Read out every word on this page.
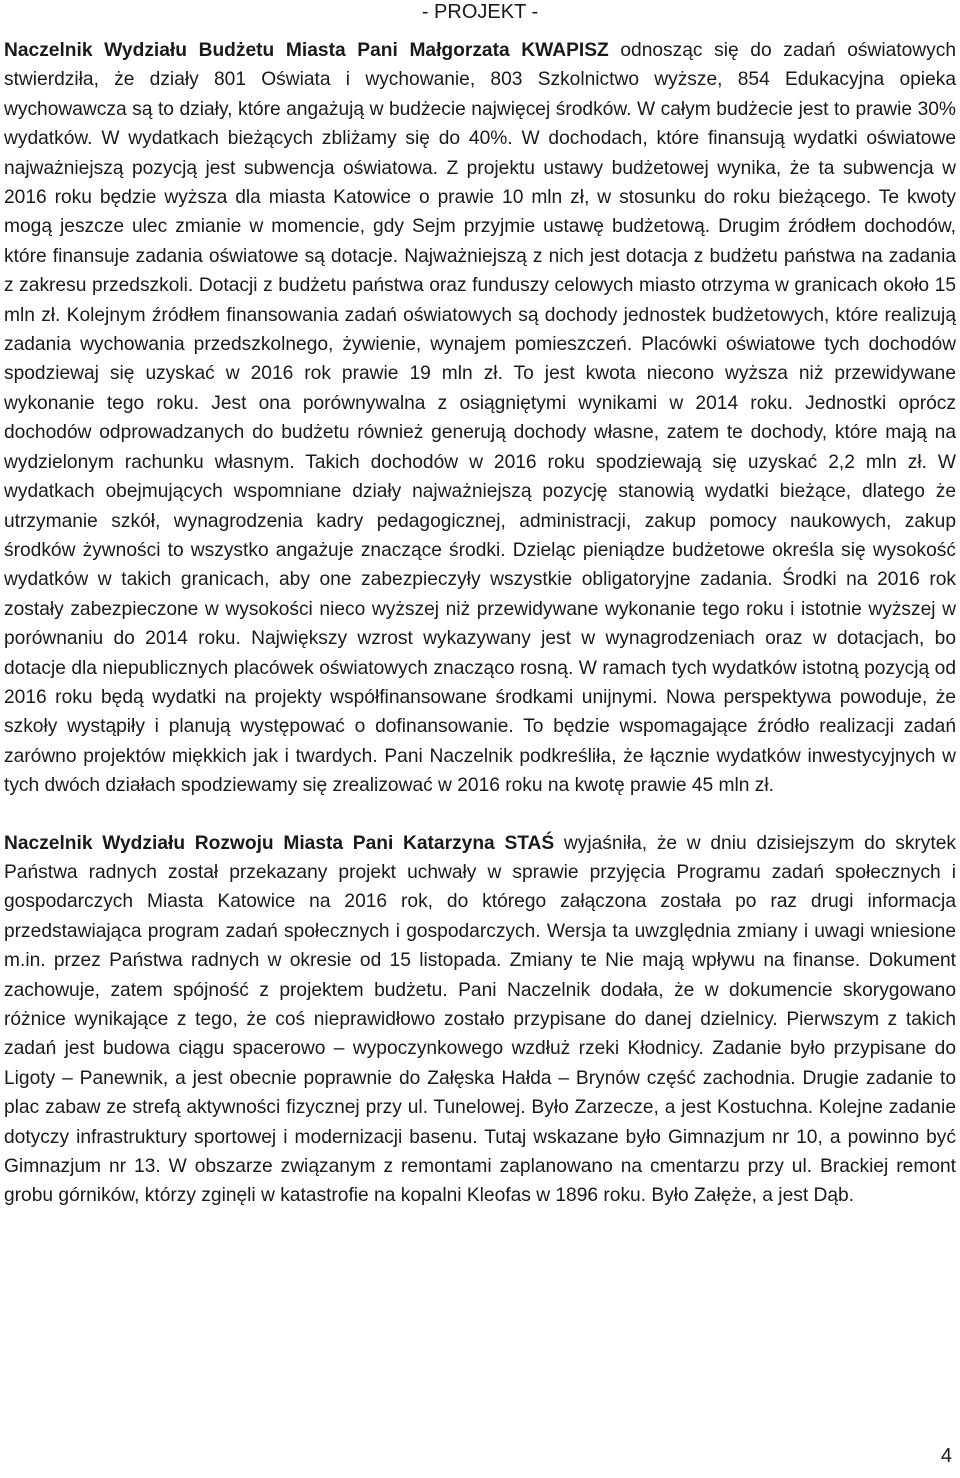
- PROJEKT -

Naczelnik Wydziału Budżetu Miasta Pani Małgorzata KWAPISZ odnosząc się do zadań oświatowych stwierdziła, że działy 801 Oświata i wychowanie, 803 Szkolnictwo wyższe, 854 Edukacyjna opieka wychowawcza są to działy, które angażują w budżecie najwięcej środków. W całym budżecie jest to prawie 30% wydatków. W wydatkach bieżących zbliżamy się do 40%. W dochodach, które finansują wydatki oświatowe najważniejszą pozycją jest subwencja oświatowa. Z projektu ustawy budżetowej wynika, że ta subwencja w 2016 roku będzie wyższa dla miasta Katowice o prawie 10 mln zł, w stosunku do roku bieżącego. Te kwoty mogą jeszcze ulec zmianie w momencie, gdy Sejm przyjmie ustawę budżetową. Drugim źródłem dochodów, które finansuje zadania oświatowe są dotacje. Najważniejszą z nich jest dotacja z budżetu państwa na zadania z zakresu przedszkoli. Dotacji z budżetu państwa oraz funduszy celowych miasto otrzyma w granicach około 15 mln zł. Kolejnym źródłem finansowania zadań oświatowych są dochody jednostek budżetowych, które realizują zadania wychowania przedszkolnego, żywienie, wynajem pomieszczeń. Placówki oświatowe tych dochodów spodziewaj się uzyskać w 2016 rok prawie 19 mln zł. To jest kwota niecono wyższa niż przewidywane wykonanie tego roku. Jest ona porównywalna z osiągniętymi wynikami w 2014 roku. Jednostki oprócz dochodów odprowadzanych do budżetu również generują dochody własne, zatem te dochody, które mają na wydzielonym rachunku własnym. Takich dochodów w 2016 roku spodziewają się uzyskać 2,2 mln zł. W wydatkach obejmujących wspomniane działy najważniejszą pozycję stanowią wydatki bieżące, dlatego że utrzymanie szkół, wynagrodzenia kadry pedagogicznej, administracji, zakup pomocy naukowych, zakup środków żywności to wszystko angażuje znaczące środki. Dzieląc pieniądze budżetowe określa się wysokość wydatków w takich granicach, aby one zabezpieczyły wszystkie obligatoryjne zadania. Środki na 2016 rok zostały zabezpieczone w wysokości nieco wyższej niż przewidywane wykonanie tego roku i istotnie wyższej w porównaniu do 2014 roku. Największy wzrost wykazywany jest w wynagrodzeniach oraz w dotacjach, bo dotacje dla niepublicznych placówek oświatowych znacząco rosną. W ramach tych wydatków istotną pozycją od 2016 roku będą wydatki na projekty współfinansowane środkami unijnymi. Nowa perspektywa powoduje, że szkoły wystąpiły i planują występować o dofinansowanie. To będzie wspomagające źródło realizacji zadań zarówno projektów miękkich jak i twardych. Pani Naczelnik podkreśliła, że łącznie wydatków inwestycyjnych w tych dwóch działach spodziewamy się zrealizować w 2016 roku na kwotę prawie 45 mln zł.

Naczelnik Wydziału Rozwoju Miasta Pani Katarzyna STAŚ wyjaśniła, że w dniu dzisiejszym do skrytek Państwa radnych został przekazany projekt uchwały w sprawie przyjęcia Programu zadań społecznych i gospodarczych Miasta Katowice na 2016 rok, do którego załączona została po raz drugi informacja przedstawiająca program zadań społecznych i gospodarczych. Wersja ta uwzględnia zmiany i uwagi wniesione m.in. przez Państwa radnych w okresie od 15 listopada. Zmiany te Nie mają wpływu na finanse. Dokument zachowuje, zatem spójność z projektem budżetu. Pani Naczelnik dodała, że w dokumencie skorygowano różnice wynikające z tego, że coś nieprawidłowo zostało przypisane do danej dzielnicy. Pierwszym z takich zadań jest budowa ciągu spacerowo – wypoczynkowego wzdłuż rzeki Kłodnicy. Zadanie było przypisane do Ligoty – Panewnik, a jest obecnie poprawnie do Załęska Hałda – Brynów część zachodnia. Drugie zadanie to plac zabaw ze strefą aktywności fizycznej przy ul. Tunelowej. Było Zarzecze, a jest Kostuchna. Kolejne zadanie dotyczy infrastruktury sportowej i modernizacji basenu. Tutaj wskazane było Gimnazjum nr 10, a powinno być Gimnazjum nr 13. W obszarze związanym z remontami zaplanowano na cmentarzu przy ul. Brackiej remont grobu górników, którzy zginęli w katastrofie na kopalni Kleofas w 1896 roku. Było Załęże, a jest Dąb.

4
